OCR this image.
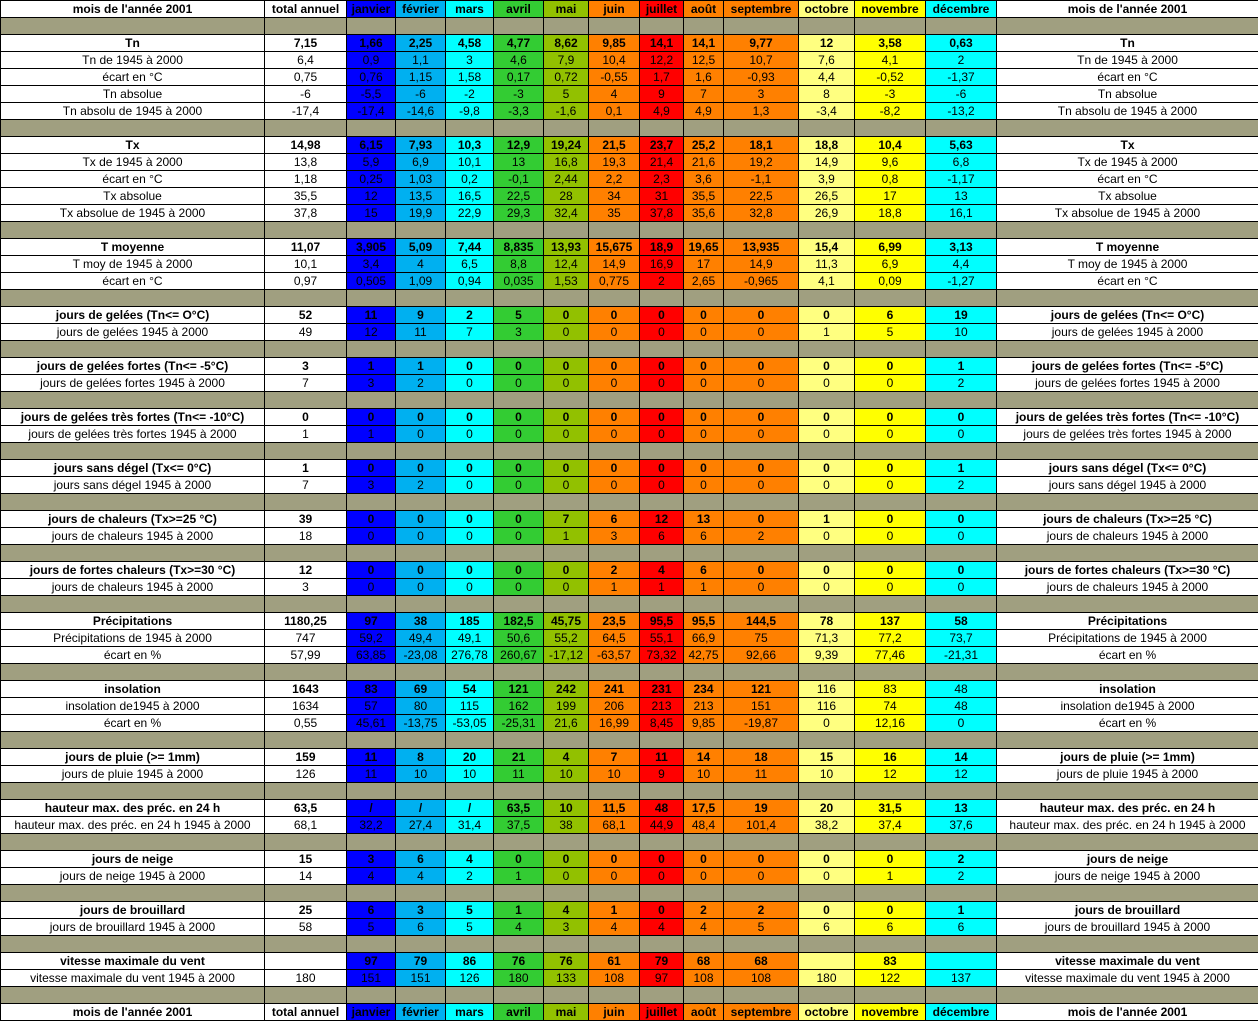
mois de l'année 2001	total annuel	janvier	février	mars	avril	mai	juin	juillet	août	septembre	octobre	novembre	décembre	mois de l'année 2001

Tn	7,15	1,66	2,25	4,58	4,77	8,62	9,85	14,1	14,1	9,77	12	3,58	0,63	Tn
Tn de 1945 à 2000	6,4	0,9	1,1	3	4,6	7,9	10,4	12,2	12,5	10,7	7,6	4,1	2	Tn de 1945 à 2000
écart en °C	0,75	0,76	1,15	1,58	0,17	0,72	-0,55	1,7	1,6	-0,93	4,4	-0,52	-1,37	écart en °C
Tn absolue	-6	-5,5	-6	-2	-3	5	4	9	7	3	8	-3	-6	Tn absolue
Tn absolu de 1945 à 2000	-17,4	-17,4	-14,6	-9,8	-3,3	-1,6	0,1	4,9	4,9	1,3	-3,4	-8,2	-13,2	Tn absolu de 1945 à 2000

Tx	14,98	6,15	7,93	10,3	12,9	19,24	21,5	23,7	25,2	18,1	18,8	10,4	5,63	Tx
Tx de 1945 à 2000	13,8	5,9	6,9	10,1	13	16,8	19,3	21,4	21,6	19,2	14,9	9,6	6,8	Tx de 1945 à 2000
écart en °C	1,18	0,25	1,03	0,2	-0,1	2,44	2,2	2,3	3,6	-1,1	3,9	0,8	-1,17	écart en °C
Tx absolue	35,5	12	13,5	16,5	22,5	28	34	31	35,5	22,5	26,5	17	13	Tx absolue
Tx absolue de 1945 à 2000	37,8	15	19,9	22,9	29,3	32,4	35	37,8	35,6	32,8	26,9	18,8	16,1	Tx absolue de 1945 à 2000

T moyenne	11,07	3,905	5,09	7,44	8,835	13,93	15,675	18,9	19,65	13,935	15,4	6,99	3,13	T moyenne
T moy de 1945 à 2000	10,1	3,4	4	6,5	8,8	12,4	14,9	16,9	17	14,9	11,3	6,9	4,4	T moy de 1945 à 2000
écart en °C	0,97	0,505	1,09	0,94	0,035	1,53	0,775	2	2,65	-0,965	4,1	0,09	-1,27	écart en °C

jours de gelées (Tn<= O°C)	52	11	9	2	5	0	0	0	0	0	0	6	19	jours de gelées (Tn<= O°C)
jours de gelées 1945 à 2000	49	12	11	7	3	0	0	0	0	0	1	5	10	jours de gelées 1945 à 2000

jours de gelées fortes (Tn<= -5°C)	3	1	1	0	0	0	0	0	0	0	0	0	1	jours de gelées fortes (Tn<= -5°C)
jours de gelées fortes 1945 à 2000	7	3	2	0	0	0	0	0	0	0	0	0	2	jours de gelées fortes 1945 à 2000

jours de gelées très fortes (Tn<= -10°C)	0	0	0	0	0	0	0	0	0	0	0	0	0	jours de gelées très fortes (Tn<= -10°C)
jours de gelées très fortes 1945 à 2000	1	1	0	0	0	0	0	0	0	0	0	0	0	jours de gelées très fortes 1945 à 2000

jours sans dégel (Tx<= 0°C)	1	0	0	0	0	0	0	0	0	0	0	0	1	jours sans dégel (Tx<= 0°C)
jours sans dégel 1945 à 2000	7	3	2	0	0	0	0	0	0	0	0	0	2	jours sans dégel 1945 à 2000

jours de chaleurs (Tx>=25 °C)	39	0	0	0	0	7	6	12	13	0	1	0	0	jours de chaleurs (Tx>=25 °C)
jours de chaleurs 1945 à 2000	18	0	0	0	0	1	3	6	6	2	0	0	0	jours de chaleurs 1945 à 2000

jours de fortes chaleurs (Tx>=30 °C)	12	0	0	0	0	0	2	4	6	0	0	0	0	jours de fortes chaleurs (Tx>=30 °C)
jours de chaleurs 1945 à 2000	3	0	0	0	0	0	1	1	1	0	0	0	0	jours de chaleurs 1945 à 2000

Précipitations	1180,25	97	38	185	182,5	45,75	23,5	95,5	95,5	144,5	78	137	58	Précipitations
Précipitations de 1945 à 2000	747	59,2	49,4	49,1	50,6	55,2	64,5	55,1	66,9	75	71,3	77,2	73,7	Précipitations de 1945 à 2000
écart en %	57,99	63,85	-23,08	276,78	260,67	-17,12	-63,57	73,32	42,75	92,66	9,39	77,46	-21,31	écart en %

insolation	1643	83	69	54	121	242	241	231	234	121	116	83	48	insolation
insolation de1945 à 2000	1634	57	80	115	162	199	206	213	213	151	116	74	48	insolation de1945 à 2000
écart en %	0,55	45,61	-13,75	-53,05	-25,31	21,6	16,99	8,45	9,85	-19,87	0	12,16	0	écart en %

jours de pluie (>= 1mm)	159	11	8	20	21	4	7	11	14	18	15	16	14	jours de pluie (>= 1mm)
jours de pluie 1945 à 2000	126	11	10	10	11	10	10	9	10	11	10	12	12	jours de pluie 1945 à 2000

hauteur max. des préc. en 24 h	63,5	/	/	/	63,5	10	11,5	48	17,5	19	20	31,5	13	hauteur max. des préc. en 24 h
hauteur max. des préc. en 24 h 1945 à 2000	68,1	32,2	27,4	31,4	37,5	38	68,1	44,9	48,4	101,4	38,2	37,4	37,6	hauteur max. des préc. en 24 h 1945 à 2000

jours de neige	15	3	6	4	0	0	0	0	0	0	0	0	2	jours de neige
jours de neige 1945 à 2000	14	4	4	2	1	0	0	0	0	0	0	1	2	jours de neige 1945 à 2000

jours de brouillard	25	6	3	5	1	4	1	0	2	2	0	0	1	jours de brouillard
jours de brouillard 1945 à 2000	58	5	6	5	4	3	4	4	4	5	6	6	6	jours de brouillard 1945 à 2000

vitesse maximale du vent		97	79	86	76	76	61	79	68	68		83		vitesse maximale du vent
vitesse maximale du vent 1945 à 2000	180	151	151	126	180	133	108	97	108	108	180	122	137	vitesse maximale du vent 1945 à 2000

mois de l'année 2001	total annuel	janvier	février	mars	avril	mai	juin	juillet	août	septembre	octobre	novembre	décembre	mois de l'année 2001
